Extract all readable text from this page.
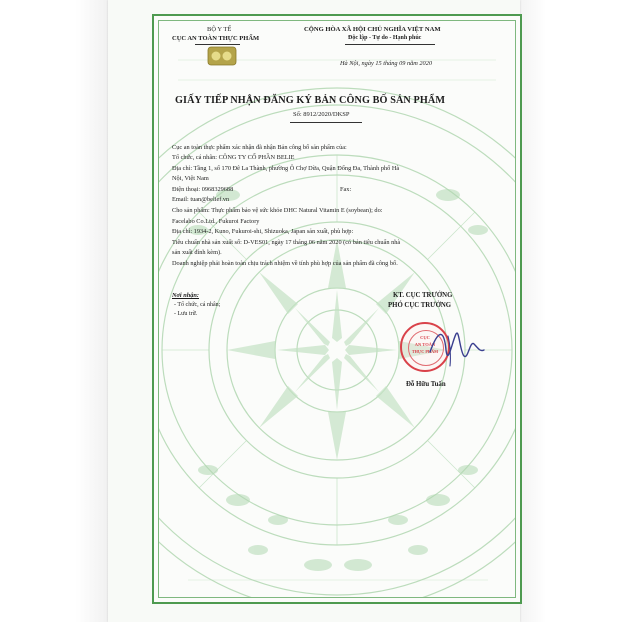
BỘ Y TẾ
CỤC AN TOÀN THỰC PHẨM
CỘNG HÒA XÃ HỘI CHỦ NGHĨA VIỆT NAM
Độc lập - Tự do - Hạnh phúc
Hà Nội, ngày 15 tháng 09 năm 2020
GIẤY TIẾP NHẬN ĐĂNG KÝ BẢN CÔNG BỐ SẢN PHẨM
Số: 8912/2020/DKSP
Cục an toàn thực phẩm xác nhận đã nhận Bản công bố sản phẩm của:
Tổ chức, cá nhân: CÔNG TY CỔ PHẦN BELIE
Địa chỉ: Tầng 1, số 170 Đê La Thành, phường Ô Chợ Dừa, Quận Đống Đa, Thành phố Hà
Nội, Việt Nam
Điện thoại: 0968329688	Fax:
Email: tuan@belief.vn
Cho sản phẩm: Thực phẩm bảo vệ sức khỏe DHC Natural Vitamin E (soybean); do:
Facelabo Co.Ltd., Fukuroi Factory
Địa chỉ: 1934-2, Kuno, Fukuroi-shi, Shizuoka, Japan sản xuất, phù hợp:
Tiêu chuẩn nhà sản xuất số: D-VES01, ngày 17 tháng 06 năm 2020 (có bản tiêu chuẩn nhà
sản xuất đính kèm).
Doanh nghiệp phải hoàn toàn chịu trách nhiệm về tính phù hợp của sản phẩm đã công bố.
Nơi nhận:
- Tổ chức, cá nhân;
- Lưu trữ.
KT. CỤC TRƯỞNG
PHÓ CỤC TRƯỞNG
CỤC
AN TOÀN
THỰC PHẨM
Đỗ Hữu Tuấn
